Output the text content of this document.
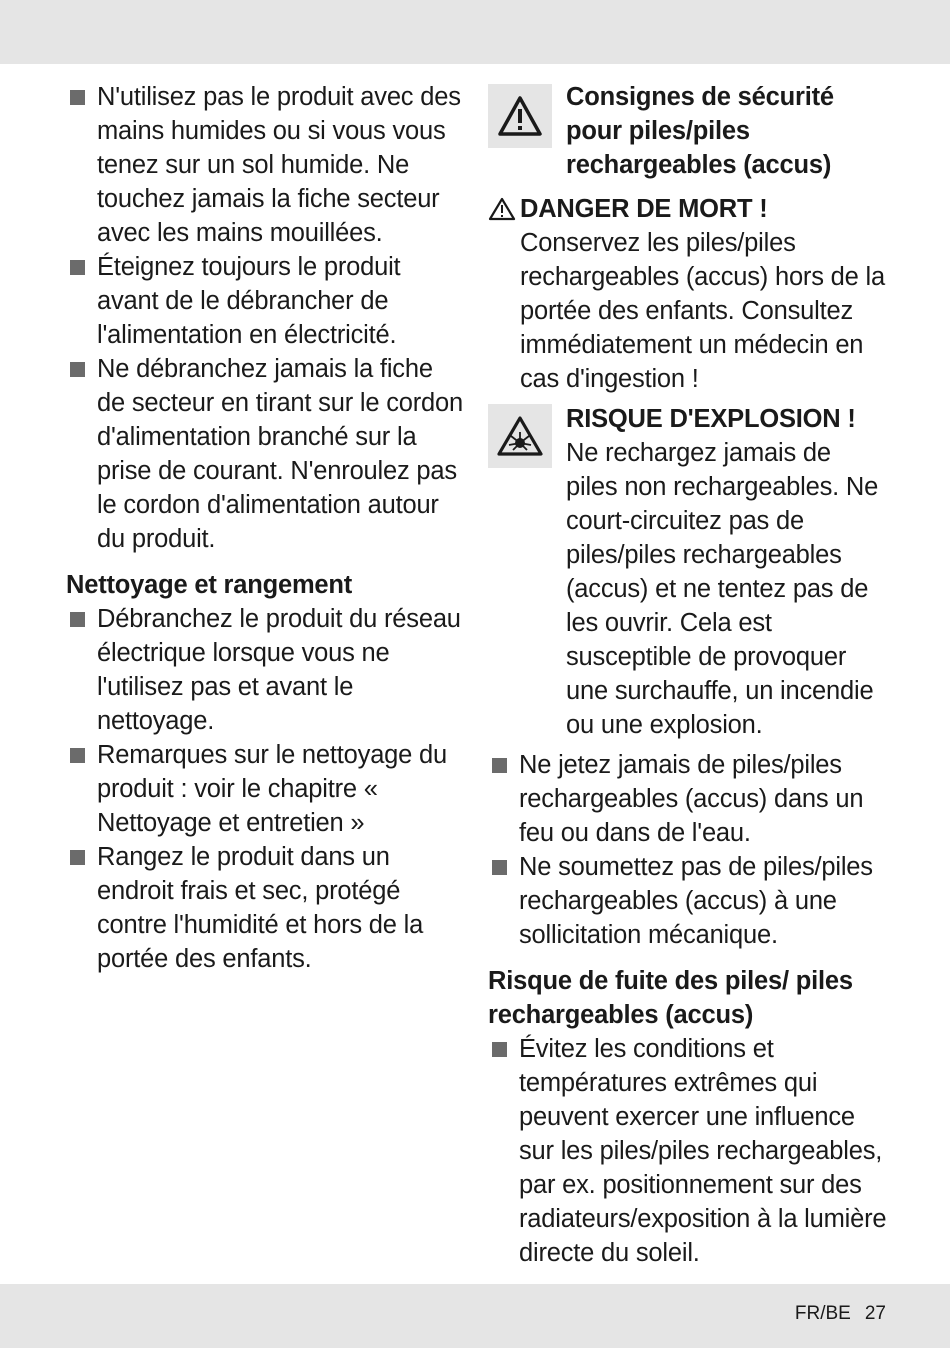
N'utilisez pas le produit avec des mains humides ou si vous vous tenez sur un sol humide. Ne touchez jamais la fiche secteur avec les mains mouillées.
Éteignez toujours le produit avant de le débrancher de l'alimentation en électricité.
Ne débranchez jamais la fiche de secteur en tirant sur le cordon d'alimentation branché sur la prise de courant. N'enroulez pas le cordon d'alimentation autour du produit.
Nettoyage et rangement
Débranchez le produit du réseau électrique lorsque vous ne l'utilisez pas et avant le nettoyage.
Remarques sur le nettoyage du produit : voir le chapitre « Nettoyage et entretien »
Rangez le produit dans un endroit frais et sec, protégé contre l'humidité et hors de la portée des enfants.
Consignes de sécurité pour piles/piles rechargeables (accus)
DANGER DE MORT !
Conservez les piles/piles rechargeables (accus) hors de la portée des enfants. Consultez immédiatement un médecin en cas d'ingestion !
RISQUE D'EXPLOSION ! Ne rechargez jamais de piles non rechargeables. Ne court-circuitez pas de piles/piles rechargeables (accus) et ne tentez pas de les ouvrir. Cela est susceptible de provoquer une surchauffe, un incendie ou une explosion.
Ne jetez jamais de piles/piles rechargeables (accus) dans un feu ou dans de l'eau.
Ne soumettez pas de piles/piles rechargeables (accus) à une sollicitation mécanique.
Risque de fuite des piles/ piles rechargeables (accus)
Évitez les conditions et températures extrêmes qui peuvent exercer une influence sur les piles/piles rechargeables, par ex. positionnement sur des radiateurs/exposition à la lumière directe du soleil.
FR/BE 27
